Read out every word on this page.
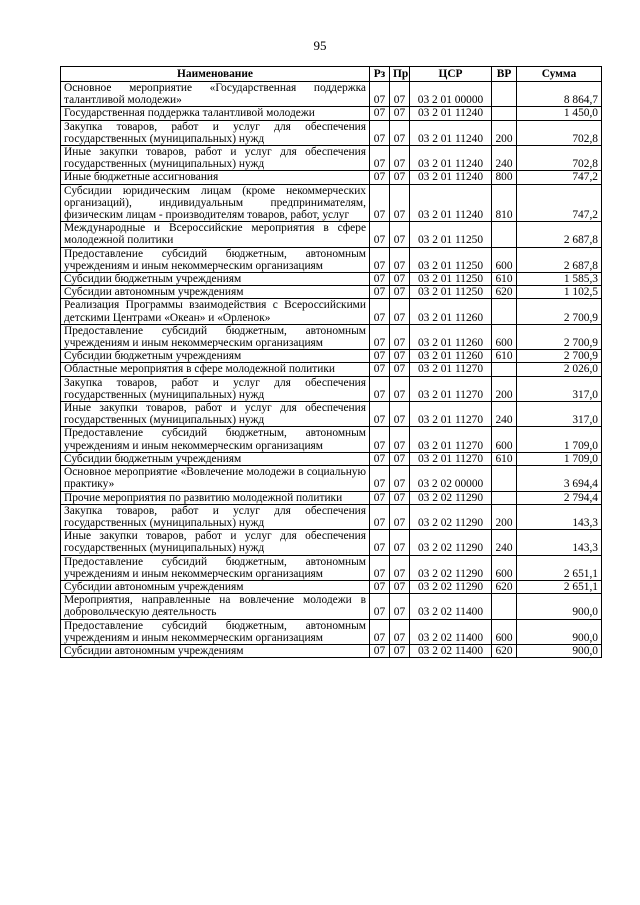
95
Наименование	Рз	Пр	ЦСР	ВР	Сумма
Основное мероприятие «Государственная поддержка талантливой молодежи»	07	07	03 2 01 00000		8 864,7
Государственная поддержка талантливой молодежи	07	07	03 2 01 11240		1 450,0
Закупка товаров, работ и услуг для обеспечения государственных (муниципальных) нужд	07	07	03 2 01 11240	200	702,8
Иные закупки товаров, работ и услуг для обеспечения государственных (муниципальных) нужд	07	07	03 2 01 11240	240	702,8
Иные бюджетные ассигнования	07	07	03 2 01 11240	800	747,2
Субсидии юридическим лицам (кроме некоммерческих организаций), индивидуальным предпринимателям, физическим лицам - производителям товаров, работ, услуг	07	07	03 2 01 11240	810	747,2
Международные и Всероссийские мероприятия в сфере молодежной политики	07	07	03 2 01 11250		2 687,8
Предоставление субсидий бюджетным, автономным учреждениям и иным некоммерческим организациям	07	07	03 2 01 11250	600	2 687,8
Субсидии бюджетным учреждениям	07	07	03 2 01 11250	610	1 585,3
Субсидии автономным учреждениям	07	07	03 2 01 11250	620	1 102,5
Реализация Программы взаимодействия с Всероссийскими детскими Центрами «Океан» и «Орленок»	07	07	03 2 01 11260		2 700,9
Предоставление субсидий бюджетным, автономным учреждениям и иным некоммерческим организациям	07	07	03 2 01 11260	600	2 700,9
Субсидии бюджетным учреждениям	07	07	03 2 01 11260	610	2 700,9
Областные мероприятия в сфере молодежной политики	07	07	03 2 01 11270		2 026,0
Закупка товаров, работ и услуг для обеспечения государственных (муниципальных) нужд	07	07	03 2 01 11270	200	317,0
Иные закупки товаров, работ и услуг для обеспечения государственных (муниципальных) нужд	07	07	03 2 01 11270	240	317,0
Предоставление субсидий бюджетным, автономным учреждениям и иным некоммерческим организациям	07	07	03 2 01 11270	600	1 709,0
Субсидии бюджетным учреждениям	07	07	03 2 01 11270	610	1 709,0
Основное мероприятие «Вовлечение молодежи в социальную практику»	07	07	03 2 02 00000		3 694,4
Прочие мероприятия по развитию молодежной политики	07	07	03 2 02 11290		2 794,4
Закупка товаров, работ и услуг для обеспечения государственных (муниципальных) нужд	07	07	03 2 02 11290	200	143,3
Иные закупки товаров, работ и услуг для обеспечения государственных (муниципальных) нужд	07	07	03 2 02 11290	240	143,3
Предоставление субсидий бюджетным, автономным учреждениям и иным некоммерческим организациям	07	07	03 2 02 11290	600	2 651,1
Субсидии автономным учреждениям	07	07	03 2 02 11290	620	2 651,1
Мероприятия, направленные на вовлечение молодежи в добровольческую деятельность	07	07	03 2 02 11400		900,0
Предоставление субсидий бюджетным, автономным учреждениям и иным некоммерческим организациям	07	07	03 2 02 11400	600	900,0
Субсидии автономным учреждениям	07	07	03 2 02 11400	620	900,0
